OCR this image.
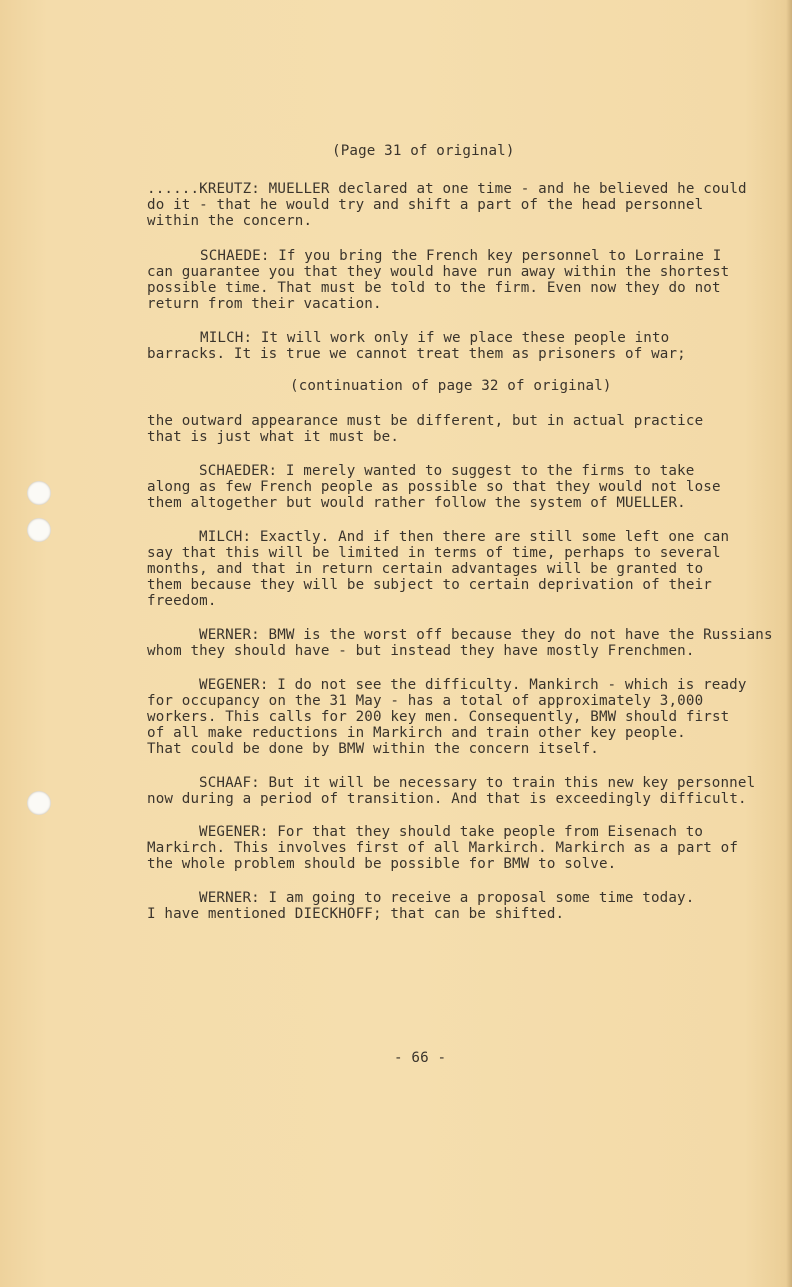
(Page 31 of original)

......KREUTZ: MUELLER declared at one time - and he believed he could

do it - that he would try and shift a part of the head personnel

within the concern.

SCHAEDE: If you bring the French key personnel to Lorraine I

can guarantee you that they would have run away within the shortest

possible time. That must be told to the firm. Even now they do not

return from their vacation.

MILCH: It will work only if we place these people into

barracks. It is true we cannot treat them as prisoners of war;

(continuation of page 32 of original)

the outward appearance must be different, but in actual practice

that is just what it must be.

SCHAEDER: I merely wanted to suggest to the firms to take

along as few French people as possible so that they would not lose

them altogether but would rather follow the system of MUELLER.

MILCH: Exactly. And if then there are still some left one can

say that this will be limited in terms of time, perhaps to several

months, and that in return certain advantages will be granted to

them because they will be subject to certain deprivation of their

freedom.

WERNER: BMW is the worst off because they do not have the Russians

whom they should have - but instead they have mostly Frenchmen.

WEGENER: I do not see the difficulty. Mankirch - which is ready

for occupancy on the 31 May - has a total of approximately 3,000

workers. This calls for 200 key men. Consequently, BMW should first

of all make reductions in Markirch and train other key people.

That could be done by BMW within the concern itself.

SCHAAF: But it will be necessary to train this new key personnel

now during a period of transition. And that is exceedingly difficult.

WEGENER: For that they should take people from Eisenach to

Markirch. This involves first of all Markirch. Markirch as a part of

the whole problem should be possible for BMW to solve.

WERNER: I am going to receive a proposal some time today.

I have mentioned DIECKHOFF; that can be shifted.

- 66 -
